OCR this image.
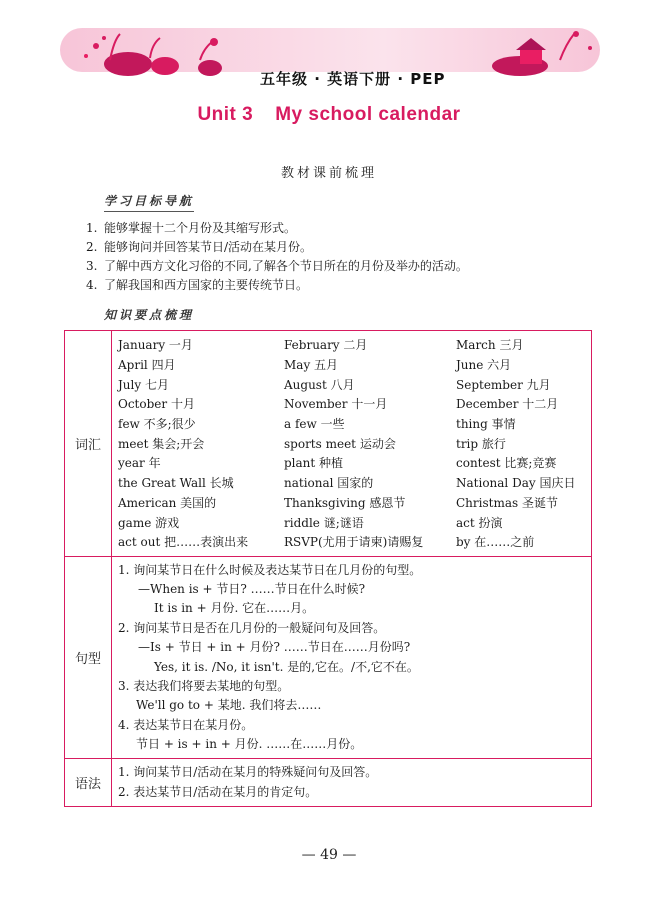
五年级 · 英语下册 · PEP
Unit 3 My school calendar
教材课前梳理
学习目标导航
1. 能够掌握十二个月份及其缩写形式。
2. 能够询问并回答某节日/活动在某月份。
3. 了解中西方文化习俗的不同,了解各个节日所在的月份及举办的活动。
4. 了解我国和西方国家的主要传统节日。
知识要点梳理
词汇
January 一月	February 二月	March 三月
April 四月	May 五月	June 六月
July 七月	August 八月	September 九月
October 十月	November 十一月	December 十二月
few 不多;很少	a few 一些	thing 事情
meet 集会;开会	sports meet 运动会	trip 旅行
year 年	plant 种植	contest 比赛;竞赛
the Great Wall 长城	national 国家的	National Day 国庆日
American 美国的	Thanksgiving 感恩节	Christmas 圣诞节
game 游戏	riddle 谜;谜语	act 扮演
act out 把……表演出来	RSVP(尤用于请柬)请赐复	by 在……之前
句型
1. 询问某节日在什么时候及表达某节日在几月份的句型。
—When is + 节日? ……节日在什么时候?
It is in + 月份. 它在……月。
2. 询问某节日是否在几月份的一般疑问句及回答。
—Is + 节日 + in + 月份? ……节日在……月份吗?
Yes, it is. /No, it isn't. 是的,它在。/不,它不在。
3. 表达我们将要去某地的句型。
We'll go to + 某地. 我们将去……
4. 表达某节日在某月份。
节日 + is + in + 月份. ……在……月份。
语法
1. 询问某节日/活动在某月的特殊疑问句及回答。
2. 表达某节日/活动在某月的肯定句。
— 49 —
